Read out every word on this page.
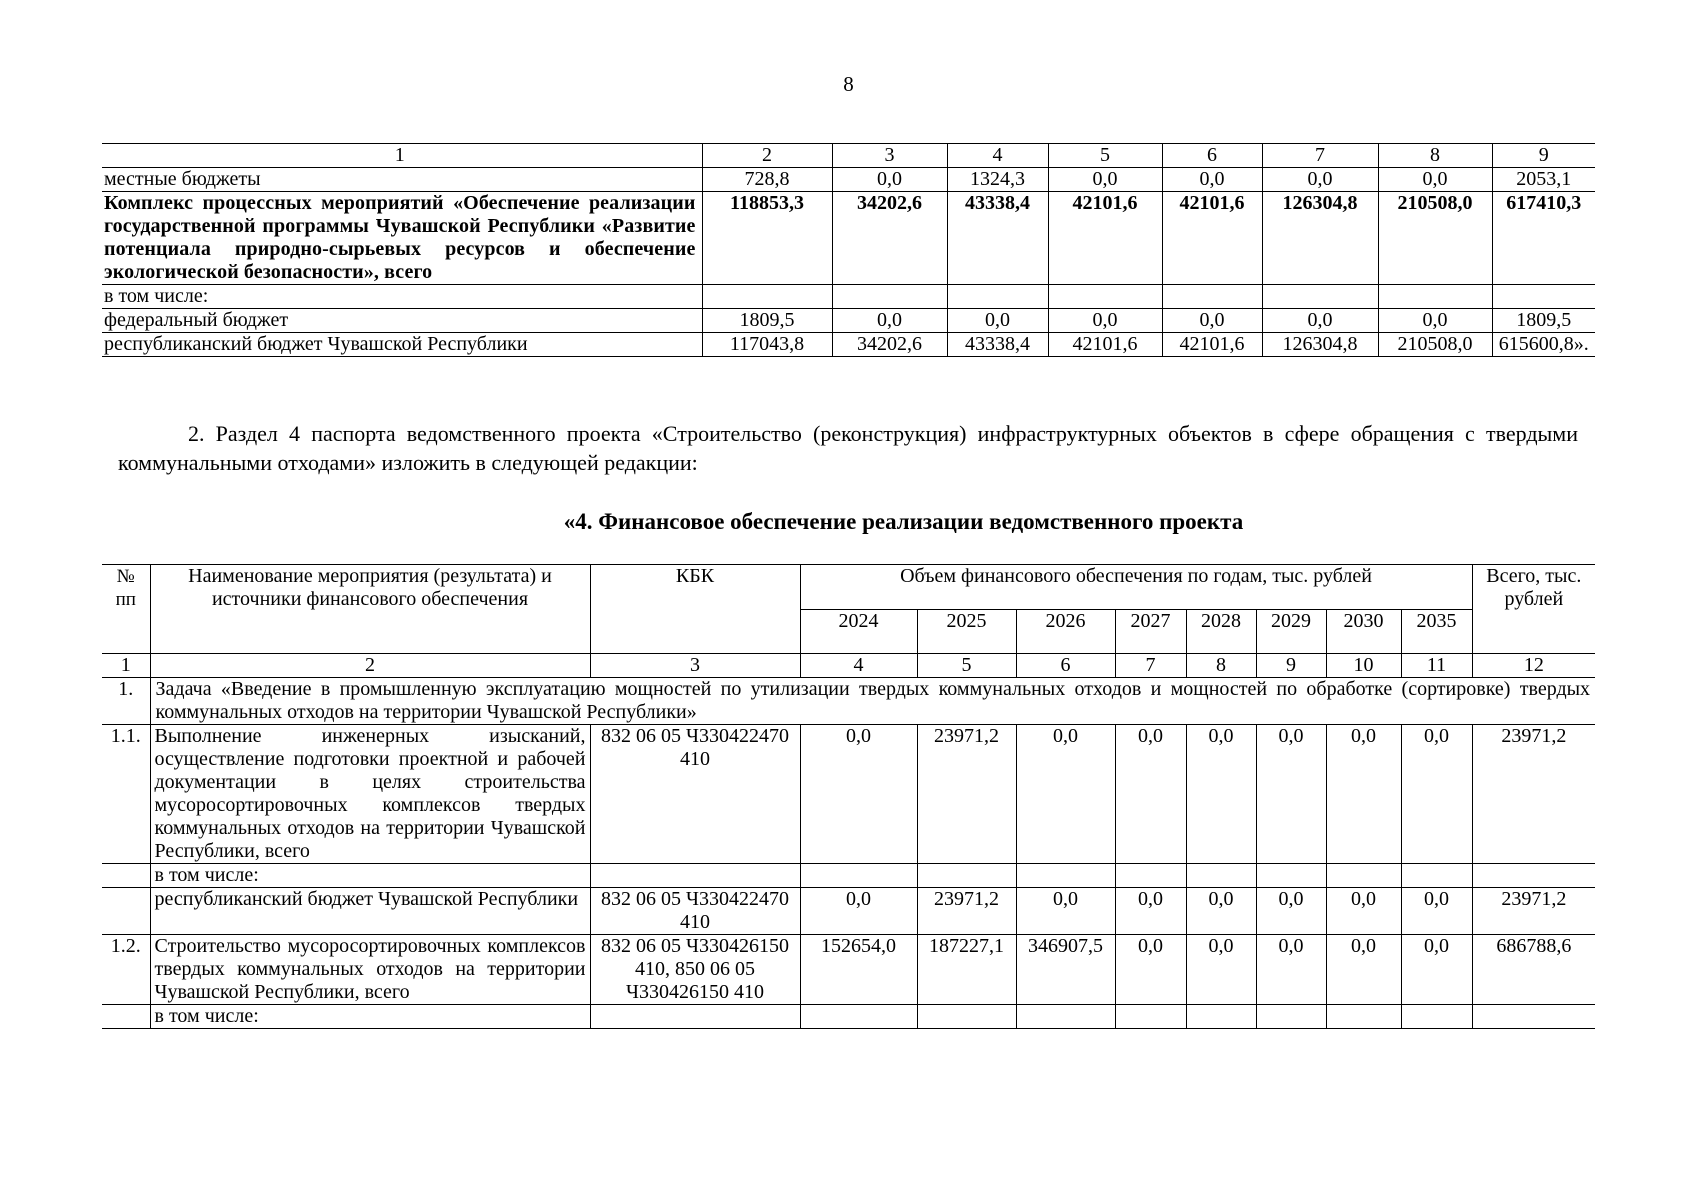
8
1	2	3	4	5	6	7	8	9
местные бюджеты	728,8	0,0	1324,3	0,0	0,0	0,0	0,0	2053,1
Комплекс процессных мероприятий «Обеспечение реализации государственной программы Чувашской Республики «Развитие потенциала природно-сырьевых ресурсов и обеспечение экологической безопасности», всего	118853,3	34202,6	43338,4	42101,6	42101,6	126304,8	210508,0	617410,3
в том числе:								
федеральный бюджет	1809,5	0,0	0,0	0,0	0,0	0,0	0,0	1809,5
республиканский бюджет Чувашской Республики	117043,8	34202,6	43338,4	42101,6	42101,6	126304,8	210508,0	615600,8».
2. Раздел 4 паспорта ведомственного проекта «Строительство (реконструкция) инфраструктурных объектов в сфере обращения с твердыми коммунальными отходами» изложить в следующей редакции:
«4. Финансовое обеспечение реализации ведомственного проекта
№ пп	Наименование мероприятия (результата) и источники финансового обеспечения	КБК	Объем финансового обеспечения по годам, тыс. рублей								Всего, тыс. рублей
			2024	2025	2026	2027	2028	2029	2030	2035	
1	2	3	4	5	6	7	8	9	10	11	12
1.	Задача «Введение в промышленную эксплуатацию мощностей по утилизации твердых коммунальных отходов и мощностей по обработке (сортировке) твердых коммунальных отходов на территории Чувашской Республики»										
1.1.	Выполнение инженерных изысканий, осуществление подготовки проектной и рабочей документации в целях строительства мусоросортировочных комплексов твердых коммунальных отходов на территории Чувашской Республики, всего	832 06 05 Ч330422470 410	0,0	23971,2	0,0	0,0	0,0	0,0	0,0	0,0	23971,2
	в том числе:										
	республиканский бюджет Чувашской Республики	832 06 05 Ч330422470 410	0,0	23971,2	0,0	0,0	0,0	0,0	0,0	0,0	23971,2
1.2.	Строительство мусоросортировочных комплексов твердых коммунальных отходов на территории Чувашской Республики, всего	832 06 05 Ч330426150 410, 850 06 05 Ч330426150 410	152654,0	187227,1	346907,5	0,0	0,0	0,0	0,0	0,0	686788,6
	в том числе:										
